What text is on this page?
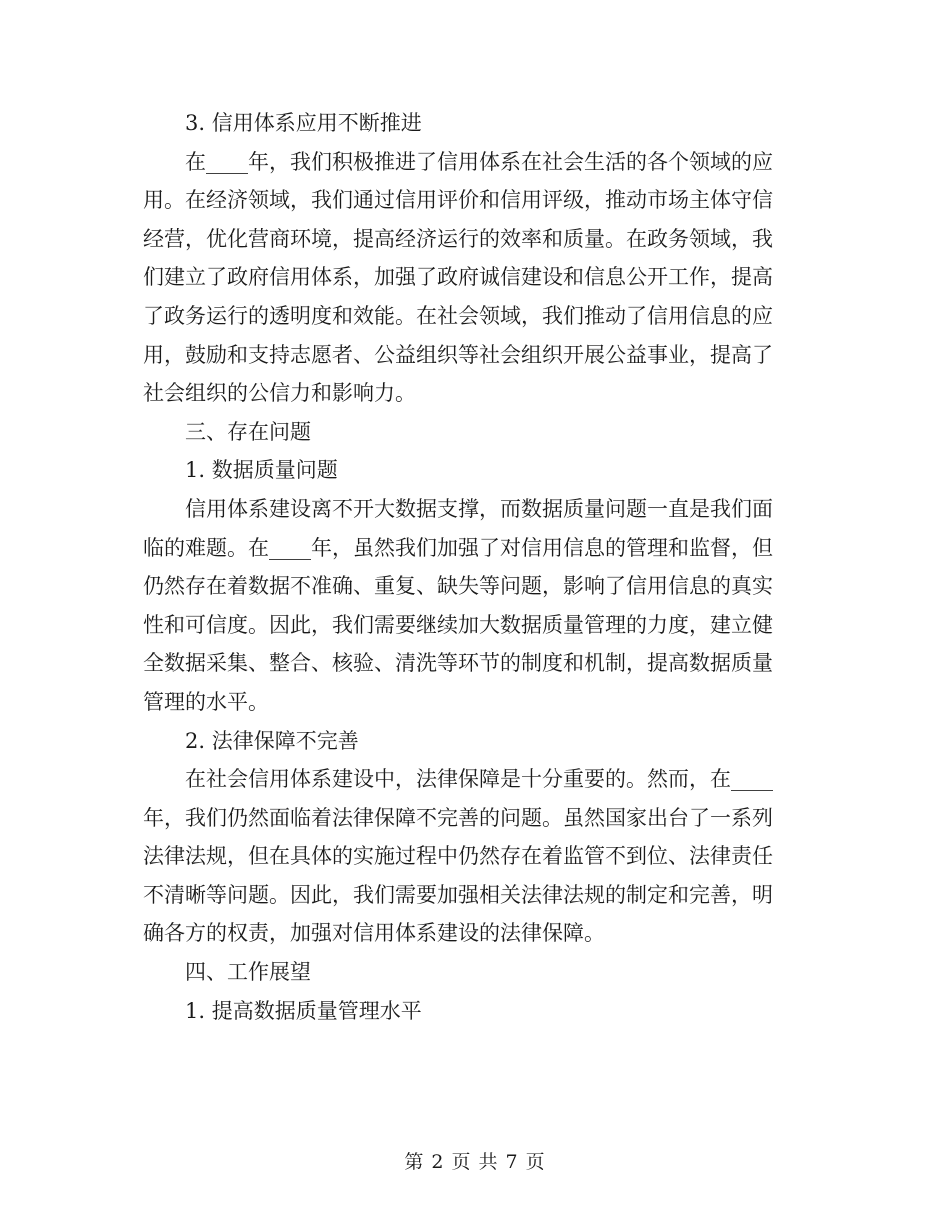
3. 信用体系应用不断推进
在____年，我们积极推进了信用体系在社会生活的各个领域的应
用。在经济领域，我们通过信用评价和信用评级，推动市场主体守信
经营，优化营商环境，提高经济运行的效率和质量。在政务领域，我
们建立了政府信用体系，加强了政府诚信建设和信息公开工作，提高
了政务运行的透明度和效能。在社会领域，我们推动了信用信息的应
用，鼓励和支持志愿者、公益组织等社会组织开展公益事业，提高了
社会组织的公信力和影响力。
三、存在问题
1. 数据质量问题
信用体系建设离不开大数据支撑，而数据质量问题一直是我们面
临的难题。在____年，虽然我们加强了对信用信息的管理和监督，但
仍然存在着数据不准确、重复、缺失等问题，影响了信用信息的真实
性和可信度。因此，我们需要继续加大数据质量管理的力度，建立健
全数据采集、整合、核验、清洗等环节的制度和机制，提高数据质量
管理的水平。
2. 法律保障不完善
在社会信用体系建设中，法律保障是十分重要的。然而，在____
年，我们仍然面临着法律保障不完善的问题。虽然国家出台了一系列
法律法规，但在具体的实施过程中仍然存在着监管不到位、法律责任
不清晰等问题。因此，我们需要加强相关法律法规的制定和完善，明
确各方的权责，加强对信用体系建设的法律保障。
四、工作展望
1. 提高数据质量管理水平
第 2 页 共 7 页
